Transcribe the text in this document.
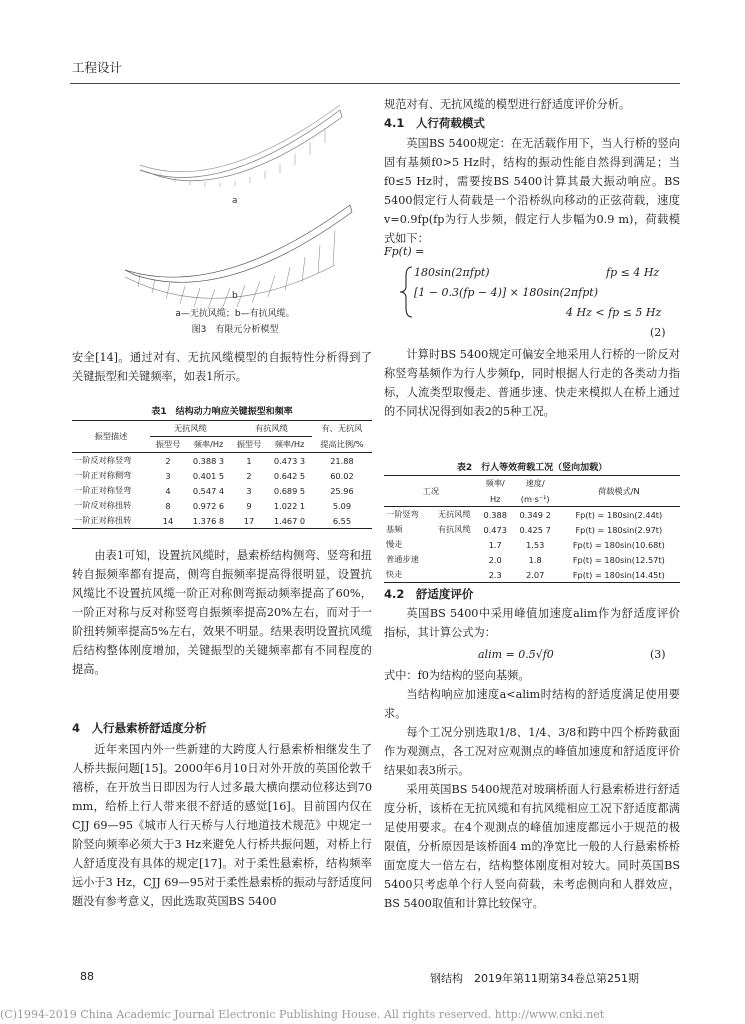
工程设计
a
b
a—无抗风缆；b—有抗风缆。
图3　有限元分析模型

安全[14]。通过对有、无抗风缆模型的自振特性分析得到了关键振型和关键频率，如表1所示。

表1　结构动力响应关键振型和频率
振型描述	无抗风缆		有抗风缆		有、无抗风
	振型号	频率/Hz	振型号	频率/Hz	提高比例/%
一阶反对称竖弯	2	0.388 3	1	0.473 3	21.88
一阶正对称侧弯	3	0.401 5	2	0.642 5	60.02
一阶正对称竖弯	4	0.547 4	3	0.689 5	25.96
一阶反对称扭转	8	0.972 6	9	1.022 1	5.09
一阶正对称扭转	14	1.376 8	17	1.467 0	6.55

由表1可知，设置抗风缆时，悬索桥结构侧弯、竖弯和扭转自振频率都有提高，侧弯自振频率提高得很明显，设置抗风缆比不设置抗风缆一阶正对称侧弯振动频率提高了60%，一阶正对称与反对称竖弯自振频率提高20%左右，而对于一阶扭转频率提高5%左右，效果不明显。结果表明设置抗风缆后结构整体刚度增加，关键振型的关键频率都有不同程度的提高。

4　人行悬索桥舒适度分析

近年来国内外一些新建的大跨度人行悬索桥相继发生了人桥共振问题[15]。2000年6月10日对外开放的英国伦敦千禧桥，在开放当日即因为行人过多最大横向摆动位移达到70 mm，给桥上行人带来很不舒适的感觉[16]。目前国内仅在CJJ 69—95《城市人行天桥与人行地道技术规范》中规定一阶竖向频率必须大于3 Hz来避免人行桥共振问题，对桥上行人舒适度没有具体的规定[17]。对于柔性悬索桥，结构频率远小于3 Hz，CJJ 69—95对于柔性悬索桥的振动与舒适度问题没有参考意义，因此选取英国BS 5400

规范对有、无抗风缆的模型进行舒适度评价分析。

4.1　人行荷载模式

英国BS 5400规定：在无活载作用下，当人行桥的竖向固有基频f0>5 Hz时，结构的振动性能自然得到满足；当f0≤5 Hz时，需要按BS 5400计算其最大振动响应。BS 5400假定行人荷载是一个沿桥纵向移动的正弦荷载，速度v=0.9fp(fp为行人步频，假定行人步幅为0.9 m)，荷载模式如下：

Fp(t) =
180sin(2πfpt)	fp ≤ 4 Hz
[1 − 0.3(fp − 4)] × 180sin(2πfpt)
4 Hz < fp ≤ 5 Hz
(2)

计算时BS 5400规定可偏安全地采用人行桥的一阶反对称竖弯基频作为行人步频fp，同时根据人行走的各类动力指标，人流类型取慢走、普通步速、快走来模拟人在桥上通过的不同状况得到如表2的5种工况。

表2　行人等效荷载工况（竖向加载）
工况		频率/	速度/	荷载模式/N
		Hz	(m·s⁻¹)	
一阶竖弯	无抗风缆	0.388	0.349 2	Fp(t) = 180sin(2.44t)
基频	有抗风缆	0.473	0.425 7	Fp(t) = 180sin(2.97t)
慢走		1.7	1.53	Fp(t) = 180sin(10.68t)
普通步速		2.0	1.8	Fp(t) = 180sin(12.57t)
快走		2.3	2.07	Fp(t) = 180sin(14.45t)
4.2　舒适度评价

英国BS 5400中采用峰值加速度alim作为舒适度评价指标，其计算公式为：

alim = 0.5√f0	(3)

式中：f0为结构的竖向基频。

当结构响应加速度a<alim时结构的舒适度满足使用要求。

每个工况分别选取1/8、1/4、3/8和跨中四个桥跨截面作为观测点，各工况对应观测点的峰值加速度和舒适度评价结果如表3所示。

采用英国BS 5400规范对玻璃桥面人行悬索桥进行舒适度分析，该桥在无抗风缆和有抗风缆相应工况下舒适度都满足使用要求。在4个观测点的峰值加速度都远小于规范的极限值，分析原因是该桥面4 m的净宽比一般的人行悬索桥桥面宽度大一倍左右，结构整体刚度相对较大。同时英国BS 5400只考虑单个行人竖向荷载，未考虑侧向和人群效应，BS 5400取值和计算比较保守。

88	钢结构　2019年第11期第34卷总第251期
(C)1994-2019 China Academic Journal Electronic Publishing House. All rights reserved. http://www.cnki.net
